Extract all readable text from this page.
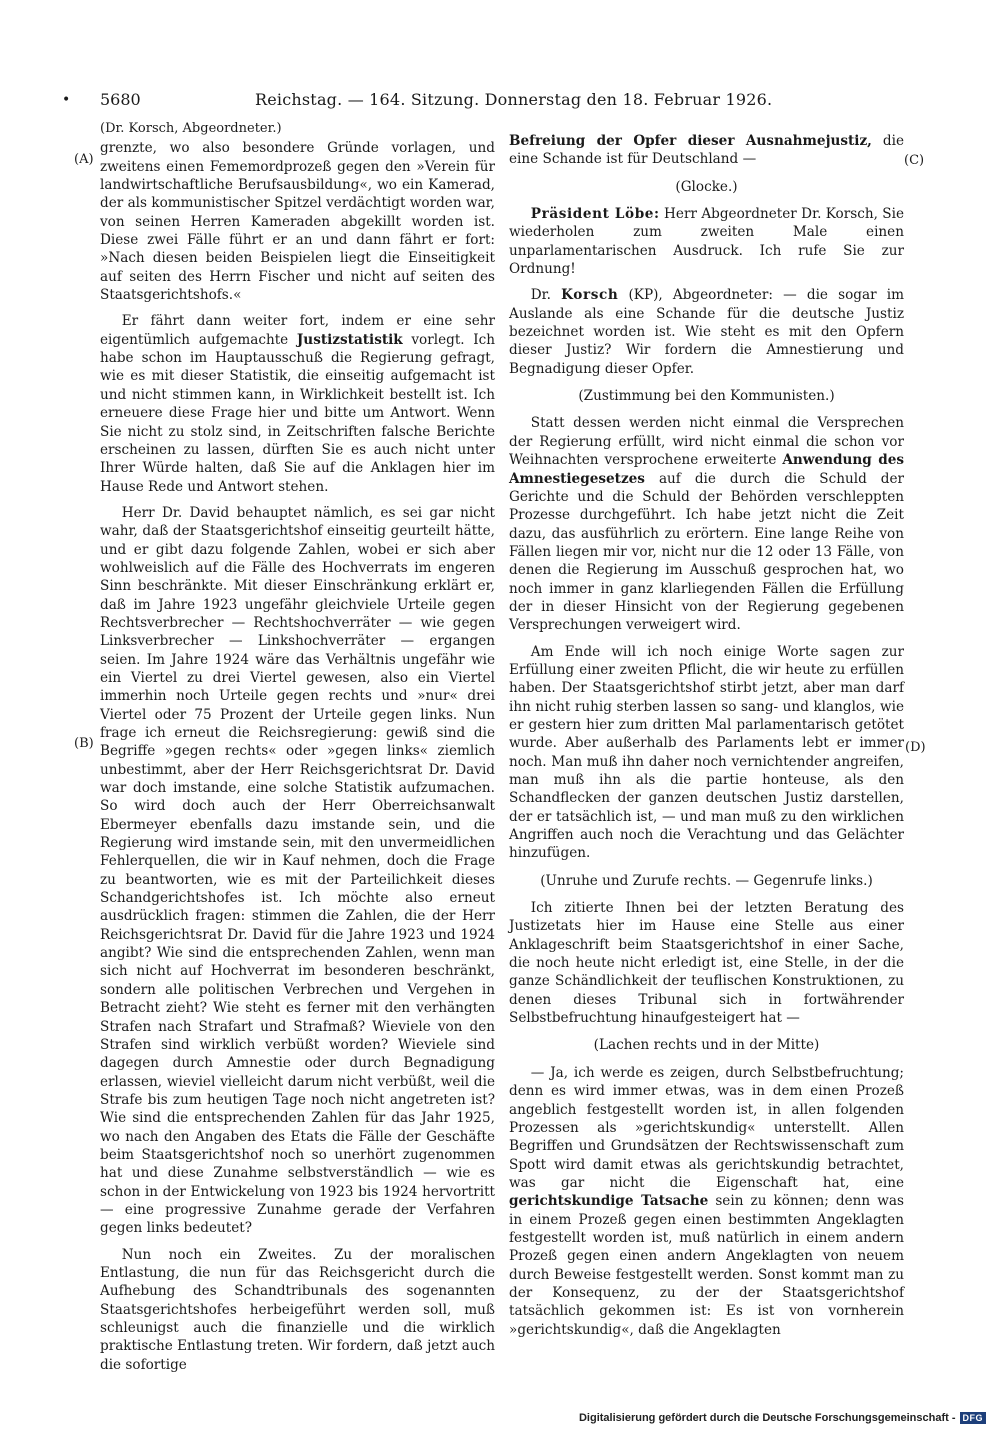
• 5680	Reichstag. — 164. Sitzung. Donnerstag den 18. Februar 1926.
(A)
(B)
(C)
(D)

(Dr. Korsch, Abgeordneter.)

grenzte, wo also besondere Gründe vorlagen, und zweitens einen Fememordprozeß gegen den »Verein für landwirtschaftliche Berufsausbildung«, wo ein Kamerad, der als kommunistischer Spitzel verdächtigt worden war, von seinen Herren Kameraden abgekillt worden ist. Diese zwei Fälle führt er an und dann fährt er fort: »Nach diesen beiden Beispielen liegt die Einseitigkeit auf seiten des Herrn Fischer und nicht auf seiten des Staatsgerichtshofs.«

Er fährt dann weiter fort, indem er eine sehr eigentümlich aufgemachte Justizstatistik vorlegt. Ich habe schon im Hauptausschuß die Regierung gefragt, wie es mit dieser Statistik, die einseitig aufgemacht ist und nicht stimmen kann, in Wirklichkeit bestellt ist. Ich erneuere diese Frage hier und bitte um Antwort. Wenn Sie nicht zu stolz sind, in Zeitschriften falsche Berichte erscheinen zu lassen, dürften Sie es auch nicht unter Ihrer Würde halten, daß Sie auf die Anklagen hier im Hause Rede und Antwort stehen.

Herr Dr. David behauptet nämlich, es sei gar nicht wahr, daß der Staatsgerichtshof einseitig geurteilt hätte, und er gibt dazu folgende Zahlen, wobei er sich aber wohlweislich auf die Fälle des Hochverrats im engeren Sinn beschränkte. Mit dieser Einschränkung erklärt er, daß im Jahre 1923 ungefähr gleichviele Urteile gegen Rechtsverbrecher — Rechtshochverräter — wie gegen Linksverbrecher — Linkshochverräter — ergangen seien. Im Jahre 1924 wäre das Verhältnis ungefähr wie ein Viertel zu drei Viertel gewesen, also ein Viertel immerhin noch Urteile gegen rechts und »nur« drei Viertel oder 75 Prozent der Urteile gegen links. Nun frage ich erneut die Reichsregierung: gewiß sind die Begriffe »gegen rechts« oder »gegen links« ziemlich unbestimmt, aber der Herr Reichsgerichtsrat Dr. David war doch imstande, eine solche Statistik aufzumachen. So wird doch auch der Herr Oberreichsanwalt Ebermeyer ebenfalls dazu imstande sein, und die Regierung wird imstande sein, mit den unvermeidlichen Fehlerquellen, die wir in Kauf nehmen, doch die Frage zu beantworten, wie es mit der Parteilichkeit dieses Schandgerichtshofes ist. Ich möchte also erneut ausdrücklich fragen: stimmen die Zahlen, die der Herr Reichsgerichtsrat Dr. David für die Jahre 1923 und 1924 angibt? Wie sind die entsprechenden Zahlen, wenn man sich nicht auf Hochverrat im besonderen beschränkt, sondern alle politischen Verbrechen und Vergehen in Betracht zieht? Wie steht es ferner mit den verhängten Strafen nach Strafart und Strafmaß? Wieviele von den Strafen sind wirklich verbüßt worden? Wieviele sind dagegen durch Amnestie oder durch Begnadigung erlassen, wieviel vielleicht darum nicht verbüßt, weil die Strafe bis zum heutigen Tage noch nicht angetreten ist? Wie sind die entsprechenden Zahlen für das Jahr 1925, wo nach den Angaben des Etats die Fälle der Geschäfte beim Staatsgerichtshof noch so unerhört zugenommen hat und diese Zunahme selbstverständlich — wie es schon in der Entwickelung von 1923 bis 1924 hervortritt — eine progressive Zunahme gerade der Verfahren gegen links bedeutet?

Nun noch ein Zweites. Zu der moralischen Entlastung, die nun für das Reichsgericht durch die Aufhebung des Schandtribunals des sogenannten Staatsgerichtshofes herbeigeführt werden soll, muß schleunigst auch die finanzielle und die wirklich praktische Entlastung treten. Wir fordern, daß jetzt auch die sofortige

Befreiung der Opfer dieser Ausnahmejustiz, die eine Schande ist für Deutschland —

(Glocke.)

Präsident Löbe: Herr Abgeordneter Dr. Korsch, Sie wiederholen zum zweiten Male einen unparlamentarischen Ausdruck. Ich rufe Sie zur Ordnung!

Dr. Korsch (KP), Abgeordneter: — die sogar im Auslande als eine Schande für die deutsche Justiz bezeichnet worden ist. Wie steht es mit den Opfern dieser Justiz? Wir fordern die Amnestierung und Begnadigung dieser Opfer.

(Zustimmung bei den Kommunisten.)

Statt dessen werden nicht einmal die Versprechen der Regierung erfüllt, wird nicht einmal die schon vor Weihnachten versprochene erweiterte Anwendung des Amnestiegesetzes auf die durch die Schuld der Gerichte und die Schuld der Behörden verschleppten Prozesse durchgeführt. Ich habe jetzt nicht die Zeit dazu, das ausführlich zu erörtern. Eine lange Reihe von Fällen liegen mir vor, nicht nur die 12 oder 13 Fälle, von denen die Regierung im Ausschuß gesprochen hat, wo noch immer in ganz klarliegenden Fällen die Erfüllung der in dieser Hinsicht von der Regierung gegebenen Versprechungen verweigert wird.

Am Ende will ich noch einige Worte sagen zur Erfüllung einer zweiten Pflicht, die wir heute zu erfüllen haben. Der Staatsgerichtshof stirbt jetzt, aber man darf ihn nicht ruhig sterben lassen so sang- und klanglos, wie er gestern hier zum dritten Mal parlamentarisch getötet wurde. Aber außerhalb des Parlaments lebt er immer noch. Man muß ihn daher noch vernichtender angreifen, man muß ihn als die partie honteuse, als den Schandflecken der ganzen deutschen Justiz darstellen, der er tatsächlich ist, — und man muß zu den wirklichen Angriffen auch noch die Verachtung und das Gelächter hinzufügen.

(Unruhe und Zurufe rechts. — Gegenrufe links.)

Ich zitierte Ihnen bei der letzten Beratung des Justizetats hier im Hause eine Stelle aus einer Anklageschrift beim Staatsgerichtshof in einer Sache, die noch heute nicht erledigt ist, eine Stelle, in der die ganze Schändlichkeit der teuflischen Konstruktionen, zu denen dieses Tribunal sich in fortwährender Selbstbefruchtung hinaufgesteigert hat —

(Lachen rechts und in der Mitte)

— Ja, ich werde es zeigen, durch Selbstbefruchtung; denn es wird immer etwas, was in dem einen Prozeß angeblich festgestellt worden ist, in allen folgenden Prozessen als »gerichtskundig« unterstellt. Allen Begriffen und Grundsätzen der Rechtswissenschaft zum Spott wird damit etwas als gerichtskundig betrachtet, was gar nicht die Eigenschaft hat, eine gerichtskundige Tatsache sein zu können; denn was in einem Prozeß gegen einen bestimmten Angeklagten festgestellt worden ist, muß natürlich in einem andern Prozeß gegen einen andern Angeklagten von neuem durch Beweise festgestellt werden. Sonst kommt man zu der Konsequenz, zu der der Staatsgerichtshof tatsächlich gekommen ist: Es ist von vornherein »gerichtskundig«, daß die Angeklagten

Digitalisierung gefördert durch die Deutsche Forschungsgemeinschaft - DFG
